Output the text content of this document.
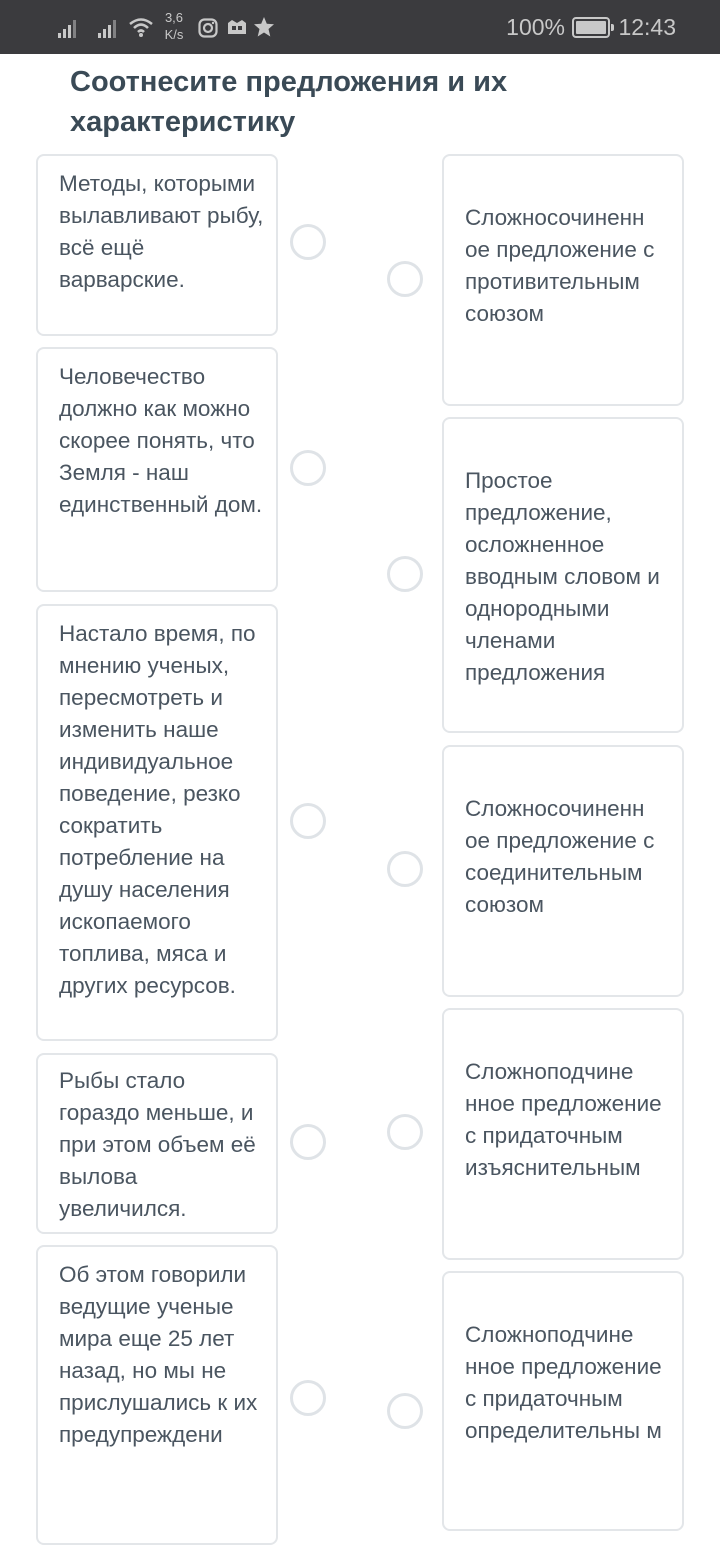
3,6
K/s	100% 12:43
Соотнесите предложения и их характеристику
Методы, которыми вылавливают рыбу, всё ещё варварские.
Человечество должно как можно скорее понять, что Земля - наш единственный дом.
Настало время, по мнению ученых, пересмотреть и изменить наше индивидуальное поведение, резко сократить потребление на душу населения ископаемого топлива, мяса и других ресурсов.
Рыбы стало гораздо меньше, и при этом объем её вылова увеличился.
Об этом говорили ведущие ученые мира еще 25 лет назад, но мы не прислушались к их предупреждени
Сложносочиненн ое предложение с противительным союзом
Простое предложение, осложненное вводным словом и однородными членами предложения
Сложносочиненн ое предложение с соединительным союзом
Сложноподчине нное предложение с придаточным изъяснительным
Сложноподчине нное предложение с придаточным определительны м
